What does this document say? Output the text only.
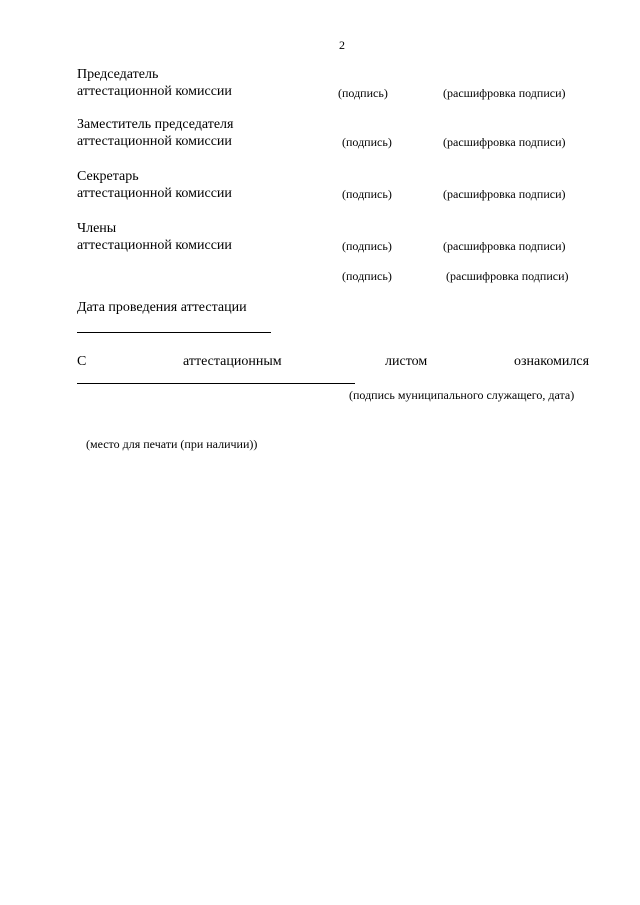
2
Председатель
аттестационной комиссии	(подпись)	(расшифровка подписи)
Заместитель председателя
аттестационной комиссии	(подпись)	(расшифровка подписи)
Секретарь
аттестационной комиссии	(подпись)	(расшифровка подписи)
Члены
аттестационной комиссии	(подпись)	(расшифровка подписи)
(подпись)	(расшифровка подписи)
Дата проведения аттестации
С	аттестационным	листом	ознакомился
(подпись муниципального служащего, дата)
(место для печати (при наличии))
